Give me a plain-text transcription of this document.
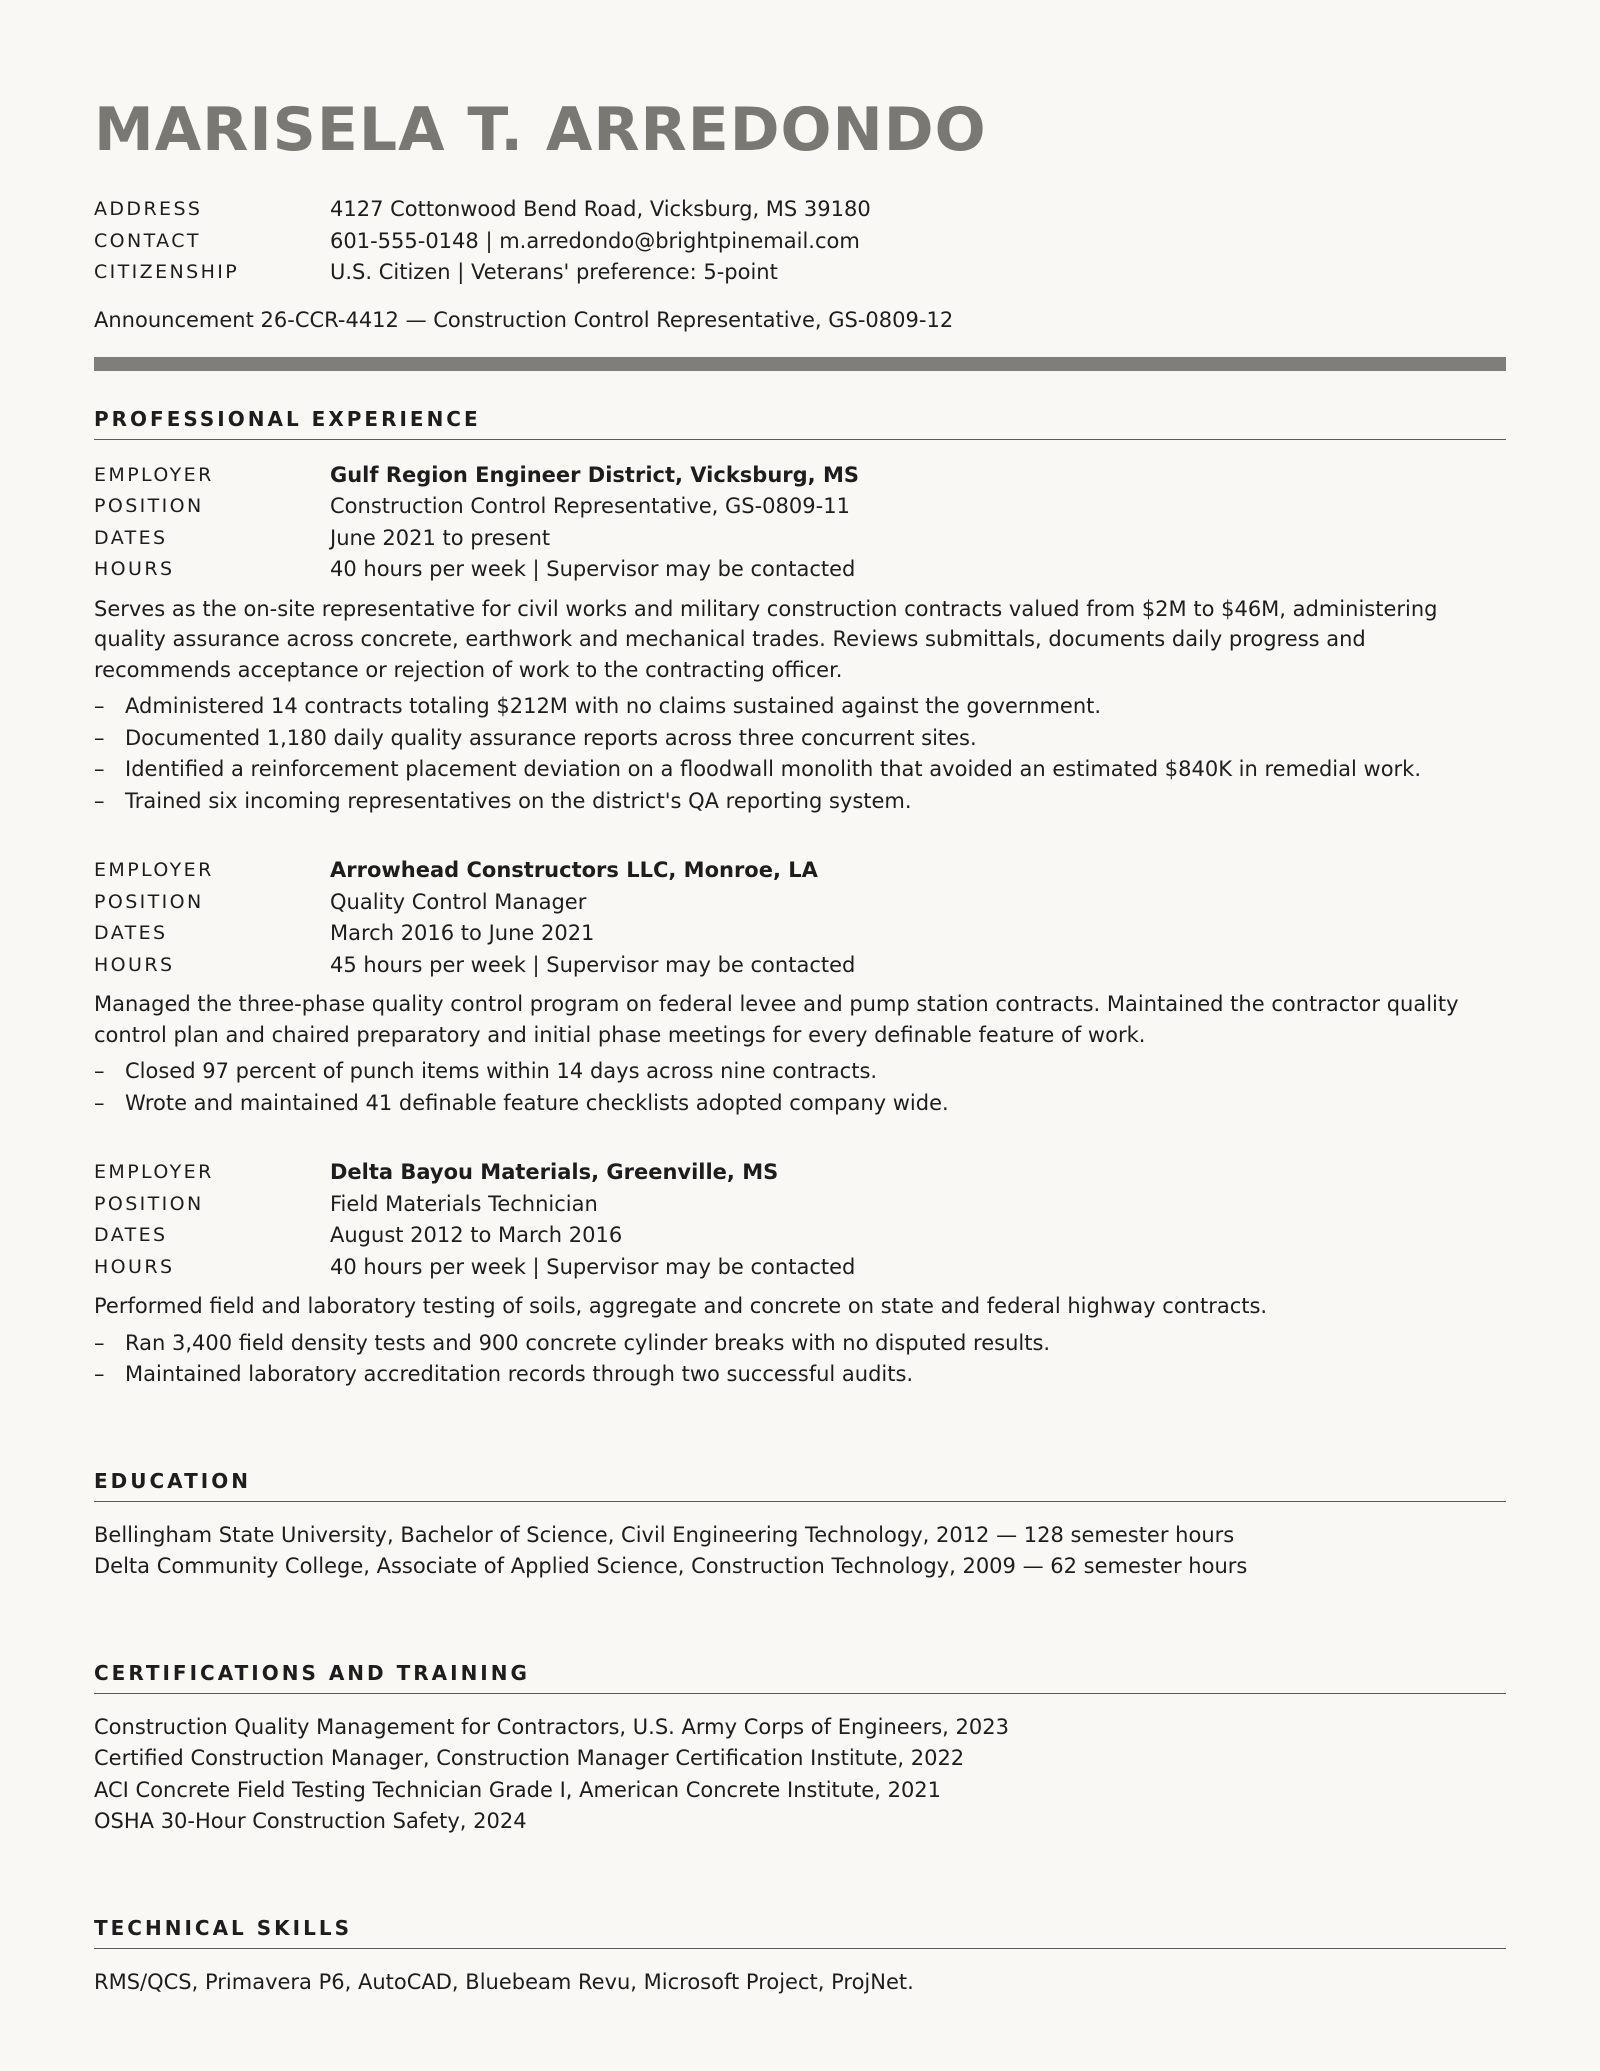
MARISELA T. ARREDONDO
ADDRESS	4127 Cottonwood Bend Road, Vicksburg, MS 39180
CONTACT	601-555-0148 | m.arredondo@brightpinemail.com
CITIZENSHIP	U.S. Citizen | Veterans' preference: 5-point
Announcement 26-CCR-4412 — Construction Control Representative, GS-0809-12
PROFESSIONAL EXPERIENCE
EMPLOYER	Gulf Region Engineer District, Vicksburg, MS
POSITION	Construction Control Representative, GS-0809-11
DATES	June 2021 to present
HOURS	40 hours per week | Supervisor may be contacted
Serves as the on-site representative for civil works and military construction contracts valued from $2M to $46M, administering quality assurance across concrete, earthwork and mechanical trades. Reviews submittals, documents daily progress and recommends acceptance or rejection of work to the contracting officer.
– Administered 14 contracts totaling $212M with no claims sustained against the government.
– Documented 1,180 daily quality assurance reports across three concurrent sites.
– Identified a reinforcement placement deviation on a floodwall monolith that avoided an estimated $840K in remedial work.
– Trained six incoming representatives on the district's QA reporting system.
EMPLOYER	Arrowhead Constructors LLC, Monroe, LA
POSITION	Quality Control Manager
DATES	March 2016 to June 2021
HOURS	45 hours per week | Supervisor may be contacted
Managed the three-phase quality control program on federal levee and pump station contracts. Maintained the contractor quality control plan and chaired preparatory and initial phase meetings for every definable feature of work.
– Closed 97 percent of punch items within 14 days across nine contracts.
– Wrote and maintained 41 definable feature checklists adopted company wide.
EMPLOYER	Delta Bayou Materials, Greenville, MS
POSITION	Field Materials Technician
DATES	August 2012 to March 2016
HOURS	40 hours per week | Supervisor may be contacted
Performed field and laboratory testing of soils, aggregate and concrete on state and federal highway contracts.
– Ran 3,400 field density tests and 900 concrete cylinder breaks with no disputed results.
– Maintained laboratory accreditation records through two successful audits.
EDUCATION
Bellingham State University, Bachelor of Science, Civil Engineering Technology, 2012 — 128 semester hours
Delta Community College, Associate of Applied Science, Construction Technology, 2009 — 62 semester hours
CERTIFICATIONS AND TRAINING
Construction Quality Management for Contractors, U.S. Army Corps of Engineers, 2023
Certified Construction Manager, Construction Manager Certification Institute, 2022
ACI Concrete Field Testing Technician Grade I, American Concrete Institute, 2021
OSHA 30-Hour Construction Safety, 2024
TECHNICAL SKILLS
RMS/QCS, Primavera P6, AutoCAD, Bluebeam Revu, Microsoft Project, ProjNet.
